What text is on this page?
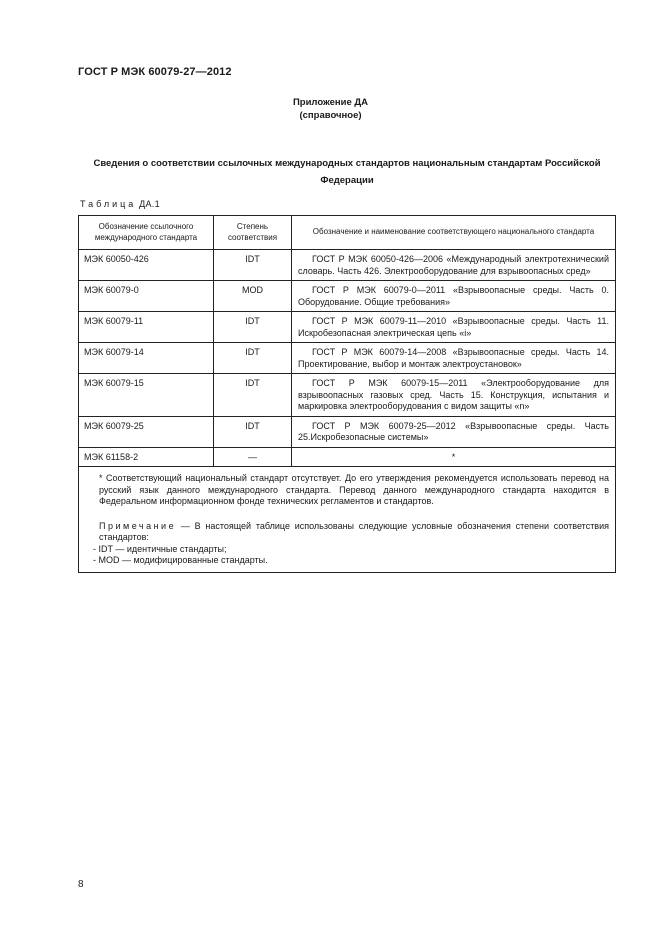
ГОСТ Р МЭК 60079-27—2012
Приложение ДА
(справочное)
Сведения о соответствии ссылочных международных стандартов национальным стандартам Российской Федерации
Таблица ДА.1
Обозначение ссылочного международного стандарта	Степень соответствия	Обозначение и наименование соответствующего национального стандарта
МЭК 60050-426	IDT	ГОСТ Р МЭК 60050-426—2006 «Международный электротехнический словарь. Часть 426. Электрооборудование для взрывоопасных сред»
МЭК 60079-0	MOD	ГОСТ Р МЭК 60079-0—2011 «Взрывоопасные среды. Часть 0. Оборудование. Общие требования»
МЭК 60079-11	IDT	ГОСТ Р МЭК 60079-11—2010 «Взрывоопасные среды. Часть 11. Искробезопасная электрическая цепь «i»
МЭК 60079-14	IDT	ГОСТ Р МЭК 60079-14—2008 «Взрывоопасные среды. Часть 14. Проектирование, выбор и монтаж электроустановок»
МЭК 60079-15	IDT	ГОСТ Р МЭК 60079-15—2011 «Электрооборудование для взрывоопасных газовых сред. Часть 15. Конструкция, испытания и маркировка электрооборудования с видом защиты «n»
МЭК 60079-25	IDT	ГОСТ Р МЭК 60079-25—2012 «Взрывоопасные среды. Часть 25.Искробезопасные системы»
МЭК 61158-2	—	*

* Соответствующий национальный стандарт отсутствует. До его утверждения рекомендуется использовать перевод на русский язык данного международного стандарта. Перевод данного международного стандарта находится в Федеральном информационном фонде технических регламентов и стандартов.
Примечание — В настоящей таблице использованы следующие условные обозначения степени соответствия стандартов:
- IDT — идентичные стандарты;
- MOD — модифицированные стандарты.		
8
